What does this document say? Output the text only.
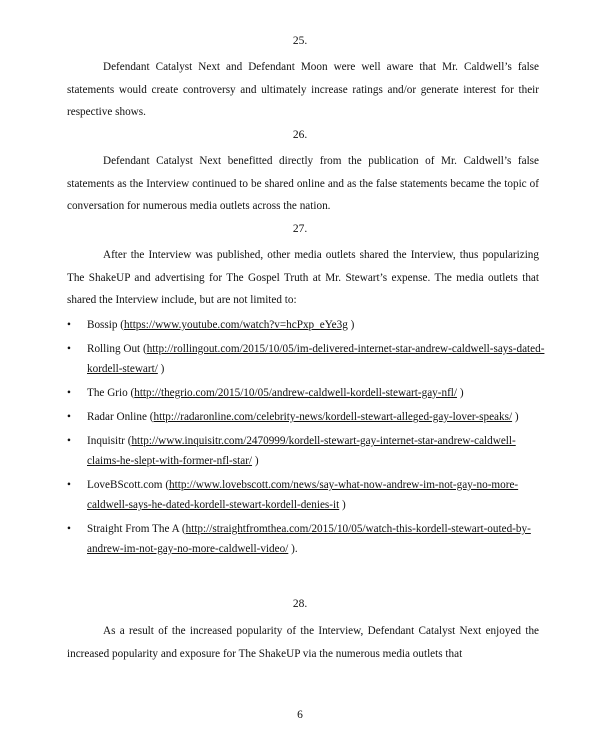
25.

Defendant Catalyst Next and Defendant Moon were well aware that Mr. Caldwell’s false statements would create controversy and ultimately increase ratings and/or generate interest for their respective shows.

26.

Defendant Catalyst Next benefitted directly from the publication of Mr. Caldwell’s false statements as the Interview continued to be shared online and as the false statements became the topic of conversation for numerous media outlets across the nation.

27.

After the Interview was published, other media outlets shared the Interview, thus popularizing The ShakeUP and advertising for The Gospel Truth at Mr. Stewart’s expense. The media outlets that shared the Interview include, but are not limited to:

• Bossip (https://www.youtube.com/watch?v=hcPxp_eYe3g )
• Rolling Out (http://rollingout.com/2015/10/05/im-delivered-internet-star-andrew-caldwell-says-dated-kordell-stewart/ )
• The Grio (http://thegrio.com/2015/10/05/andrew-caldwell-kordell-stewart-gay-nfl/ )
• Radar Online (http://radaronline.com/celebrity-news/kordell-stewart-alleged-gay-lover-speaks/ )
• Inquisitr (http://www.inquisitr.com/2470999/kordell-stewart-gay-internet-star-andrew-caldwell-claims-he-slept-with-former-nfl-star/ )
• LoveBScott.com (http://www.lovebscott.com/news/say-what-now-andrew-im-not-gay-no-more-caldwell-says-he-dated-kordell-stewart-kordell-denies-it )
• Straight From The A (http://straightfromthea.com/2015/10/05/watch-this-kordell-stewart-outed-by-andrew-im-not-gay-no-more-caldwell-video/ ).
28.

As a result of the increased popularity of the Interview, Defendant Catalyst Next enjoyed the increased popularity and exposure for The ShakeUP via the numerous media outlets that

6
